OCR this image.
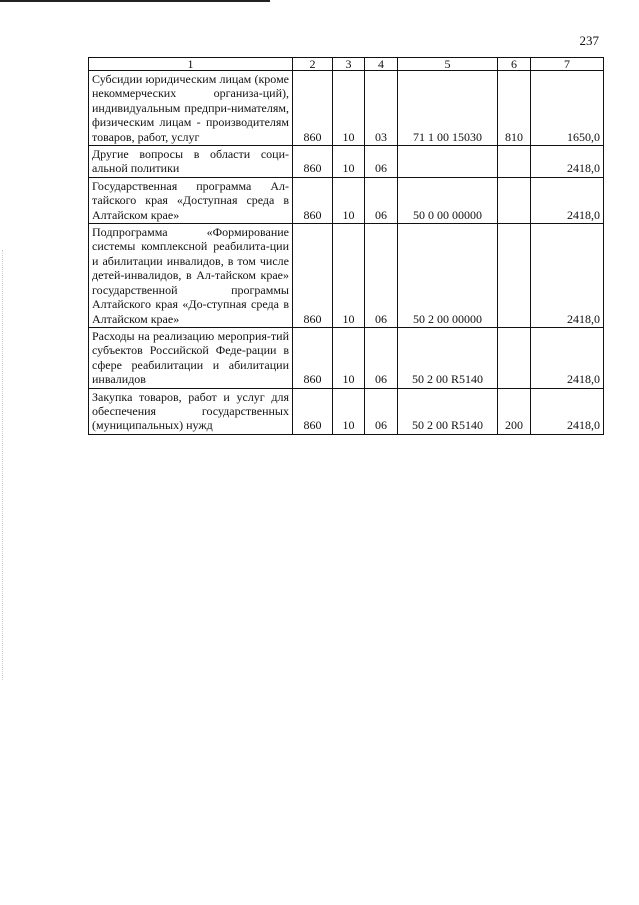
237
1	2	3	4	5	6	7
Субсидии юридическим лицам (кроме некоммерческих организа-ций), индивидуальным предпри-нимателям, физическим лицам - производителям товаров, работ, услуг	860	10	03	71 1 00 15030	810	1650,0
Другие вопросы в области соци-альной политики	860	10	06			2418,0
Государственная программа Ал-тайского края «Доступная среда в Алтайском крае»	860	10	06	50 0 00 00000		2418,0
Подпрограмма «Формирование системы комплексной реабилита-ции и абилитации инвалидов, в том числе детей-инвалидов, в Ал-тайском крае» государственной программы Алтайского края «До-ступная среда в Алтайском крае»	860	10	06	50 2 00 00000		2418,0
Расходы на реализацию мероприя-тий субъектов Российской Феде-рации в сфере реабилитации и абилитации инвалидов	860	10	06	50 2 00 R5140		2418,0
Закупка товаров, работ и услуг для обеспечения государственных (муниципальных) нужд	860	10	06	50 2 00 R5140	200	2418,0
